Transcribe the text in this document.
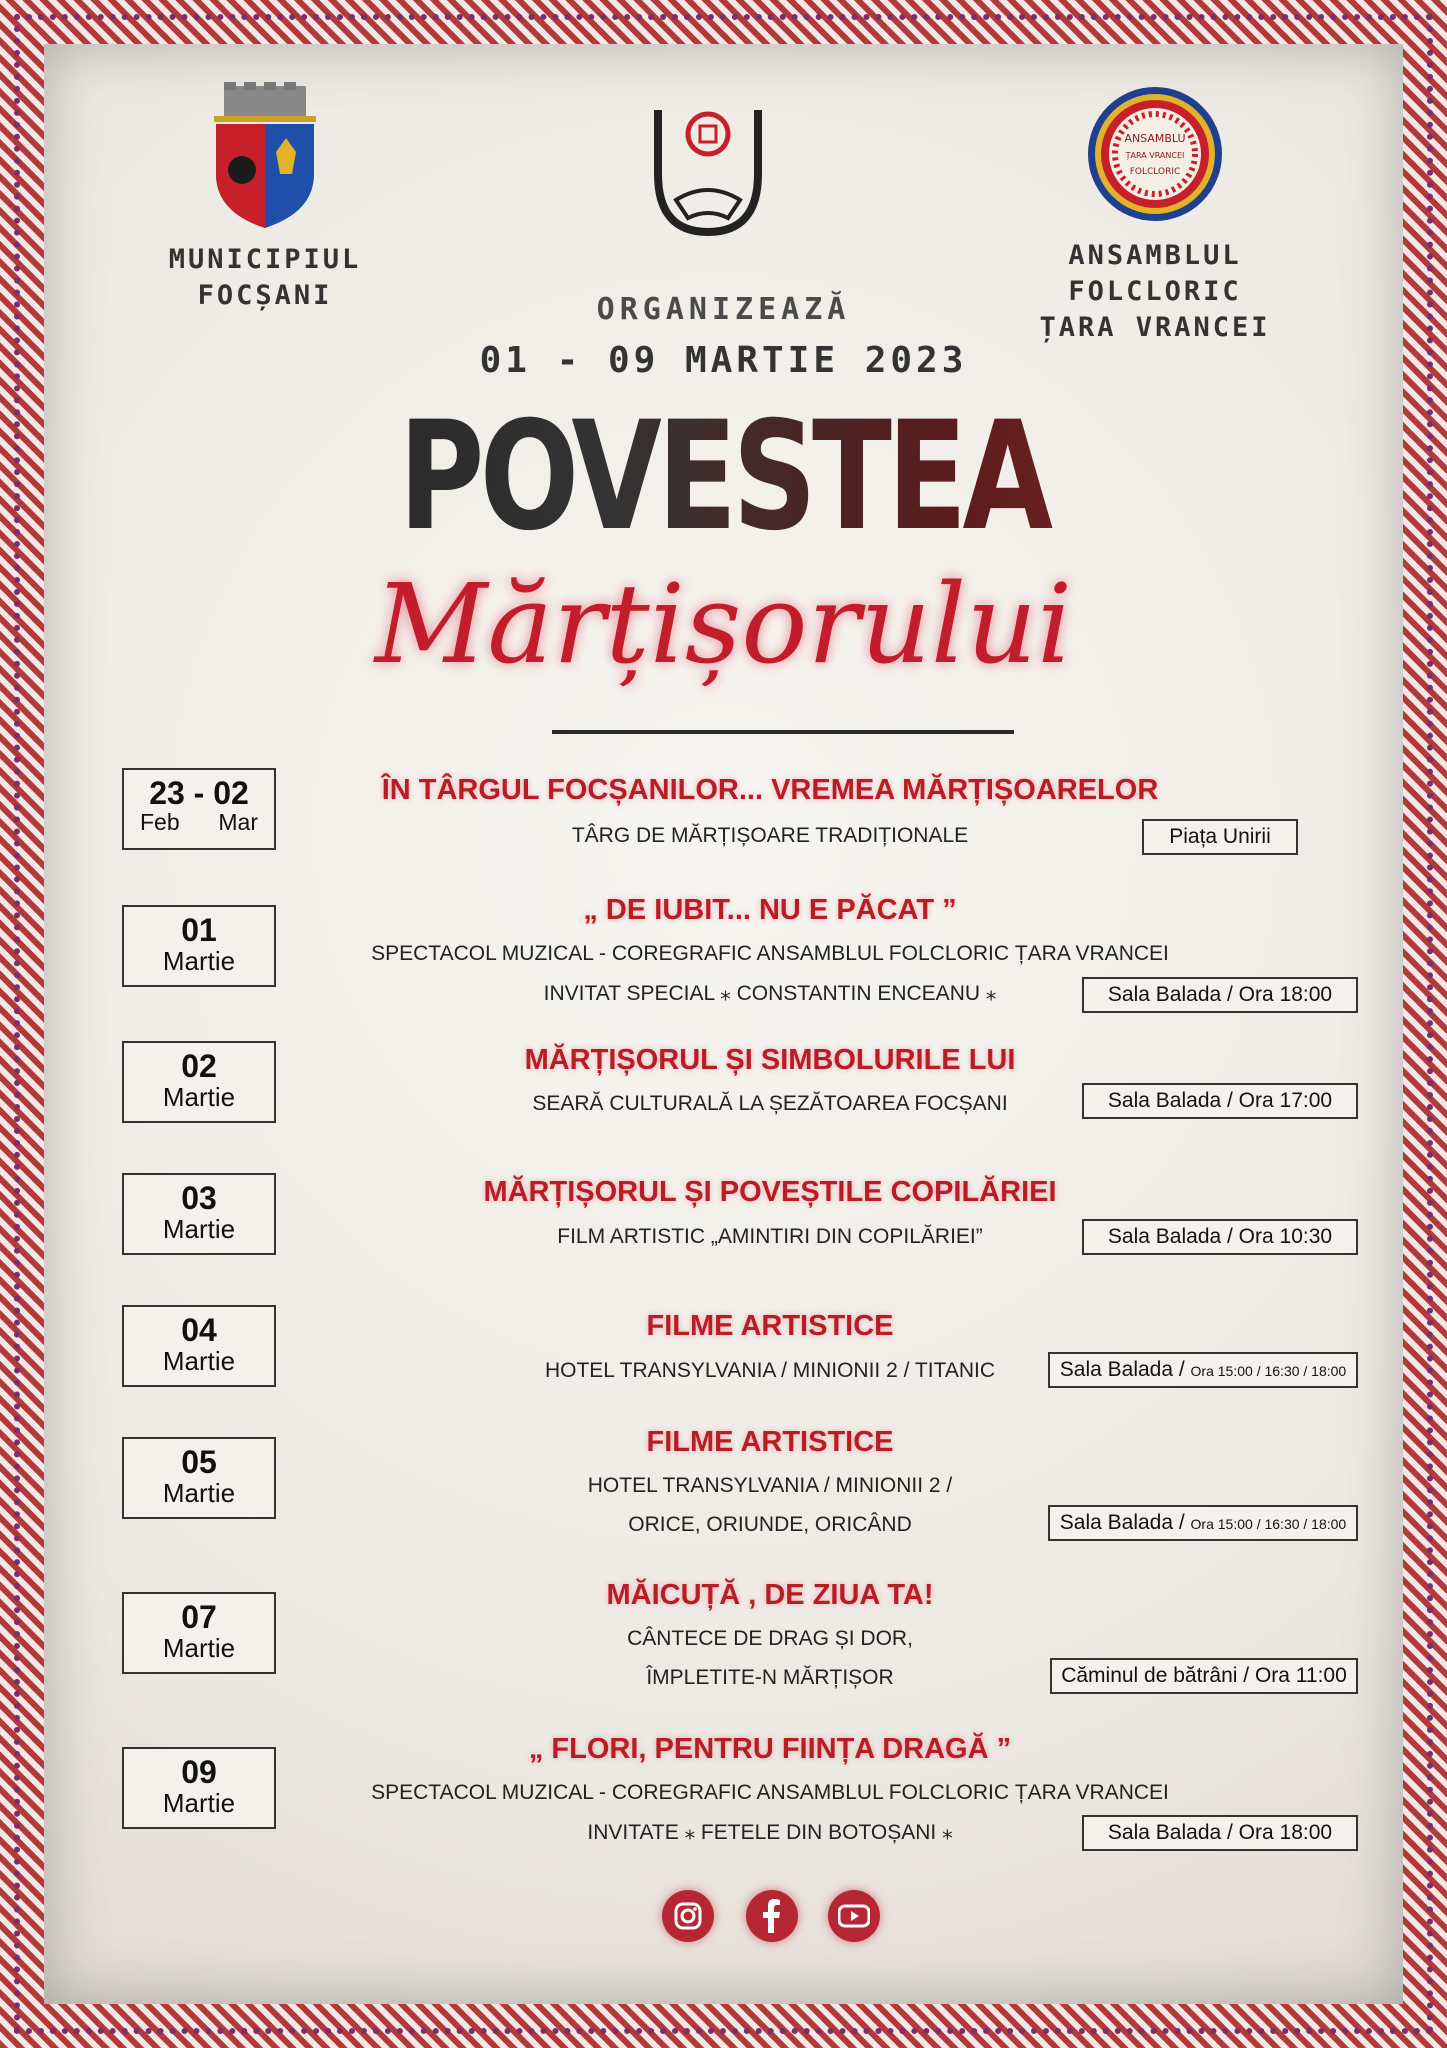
MUNICIPIUL
FOCȘANI
ANSAMBLU
ȚARA VRANCEI
FOLCLORIC
ANSAMBLUL FOLCLORIC
ȚARA VRANCEI
ORGANIZEAZĂ
01 - 09 MARTIE 2023
POVESTEA
Mărțișorului
23 - 02
Feb Mar
ÎN TÂRGUL FOCȘANILOR... VREMEA MĂRȚIȘOARELOR
TÂRG DE MĂRȚIȘOARE TRADIȚIONALE	Piața Unirii
01
Martie
„ DE IUBIT... NU E PĂCAT ”
SPECTACOL MUZICAL - COREGRAFIC ANSAMBLUL FOLCLORIC ȚARA VRANCEI
INVITAT SPECIAL ⁎ CONSTANTIN ENCEANU ⁎	Sala Balada / Ora 18:00
02
Martie
MĂRȚIȘORUL ȘI SIMBOLURILE LUI
SEARĂ CULTURALĂ LA ȘEZĂTOAREA FOCȘANI	Sala Balada / Ora 17:00
03
Martie
MĂRȚIȘORUL ȘI POVEȘTILE COPILĂRIEI
FILM ARTISTIC „AMINTIRI DIN COPILĂRIEI”	Sala Balada / Ora 10:30
04
Martie
FILME ARTISTICE
HOTEL TRANSYLVANIA / MINIONII 2 / TITANIC	Sala Balada / Ora 15:00 / 16:30 / 18:00
05
Martie
FILME ARTISTICE
HOTEL TRANSYLVANIA / MINIONII 2 /
ORICE, ORIUNDE, ORICÂND	Sala Balada / Ora 15:00 / 16:30 / 18:00
07
Martie
MĂICUȚĂ , DE ZIUA TA!
CÂNTECE DE DRAG ȘI DOR,
ÎMPLETITE-N MĂRȚIȘOR	Căminul de bătrâni / Ora 11:00
09
Martie
„ FLORI, PENTRU FIINȚA DRAGĂ ”
SPECTACOL MUZICAL - COREGRAFIC ANSAMBLUL FOLCLORIC ȚARA VRANCEI
INVITATE ⁎ FETELE DIN BOTOȘANI ⁎	Sala Balada / Ora 18:00
